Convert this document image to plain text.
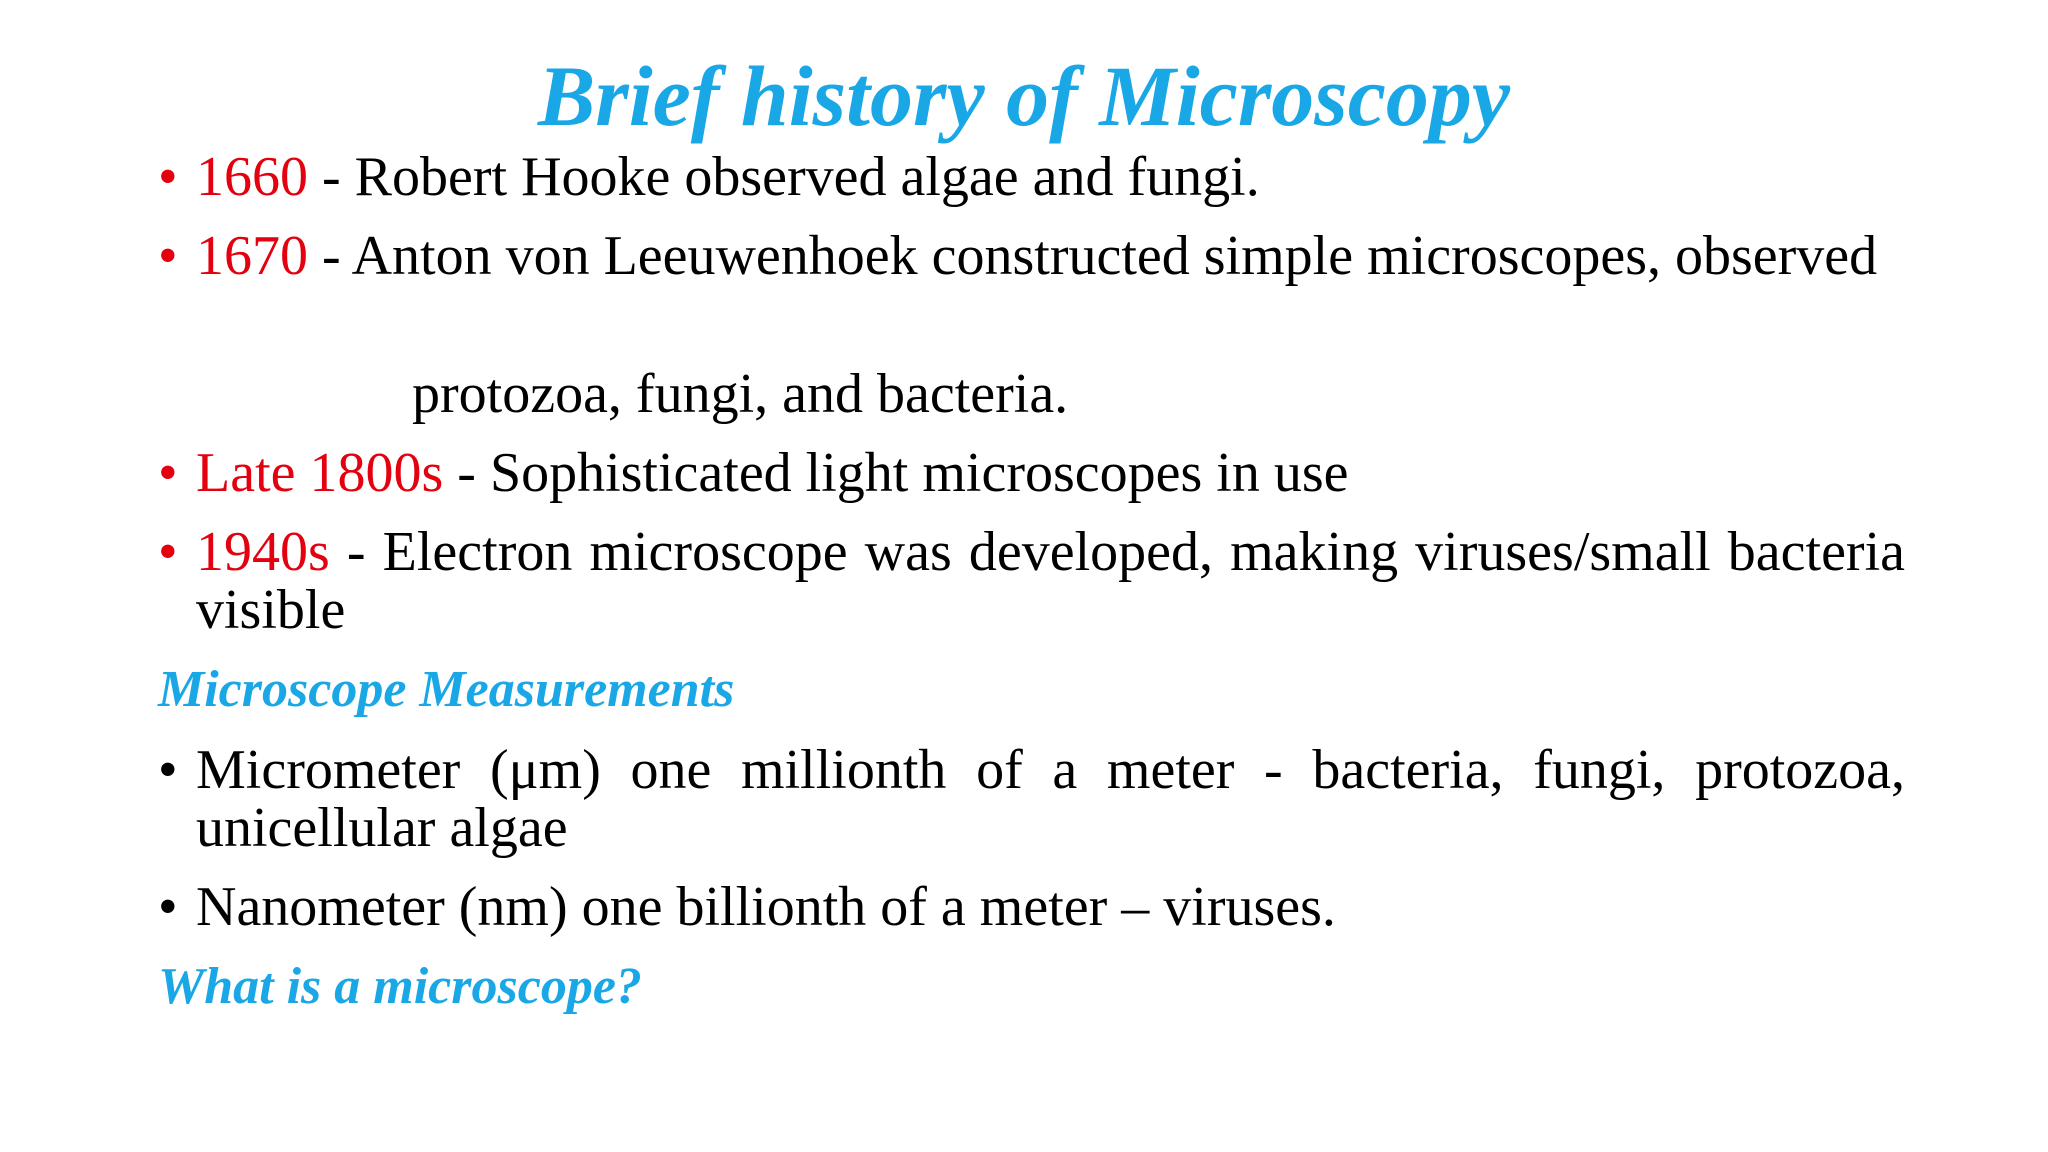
Brief history of Microscopy
• 1660 - Robert Hooke observed algae and fungi.
• 1670 - Anton von Leeuwenhoek constructed simple microscopes, observed
protozoa, fungi, and bacteria.
• Late 1800s - Sophisticated light microscopes in use
• 1940s - Electron microscope was developed, making viruses/small bacteria visible
Microscope Measurements
• Micrometer (μm) one millionth of a meter - bacteria, fungi, protozoa, unicellular algae
• Nanometer (nm) one billionth of a meter – viruses.
What is a microscope?
